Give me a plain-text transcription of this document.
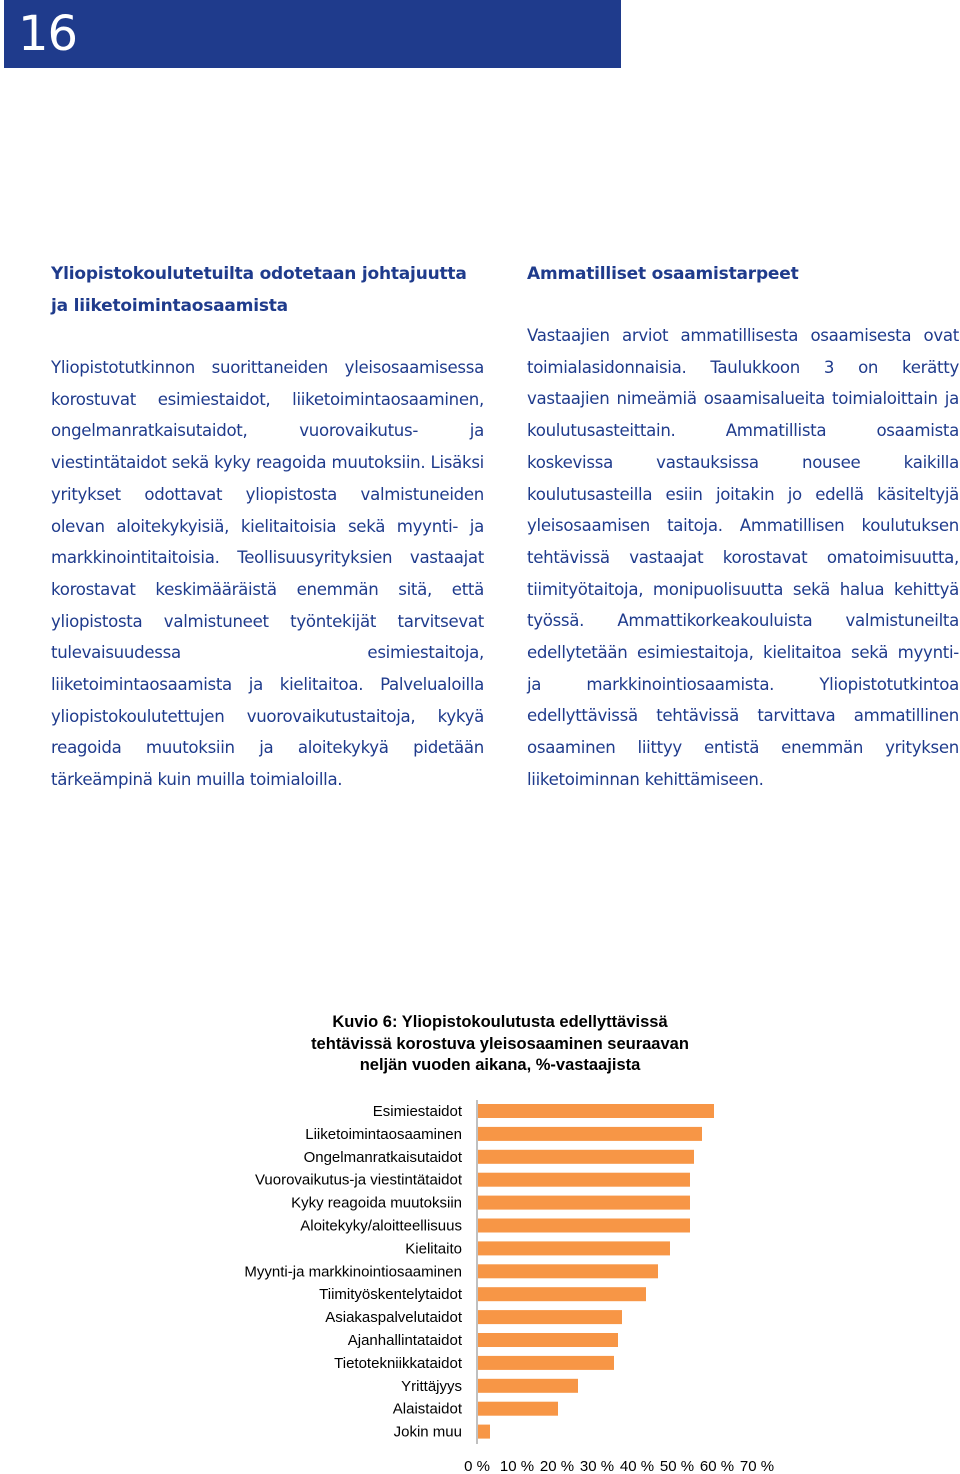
16

Yliopistokoulutetuilta odotetaan johtajuutta ja liiketoimintaosaamista

Yliopistotutkinnon suorittaneiden yleisosaamisessa korostuvat esimiestaidot, liiketoimintaosaaminen, ongelmanratkaisutaidot, vuorovaikutus- ja viestintätaidot sekä kyky reagoida muutoksiin. Lisäksi yritykset odottavat yliopistosta valmistuneiden olevan aloitekykyisiä, kielitaitoisia sekä myynti- ja markkinointitaitoisia. Teollisuusyrityksien vastaajat korostavat keskimääräistä enemmän sitä, että yliopistosta valmistuneet työntekijät tarvitsevat tulevaisuudessa esimiestaitoja, liiketoimintaosaamista ja kielitaitoa. Palvelualoilla yliopistokoulutettujen vuorovaikutustaitoja, kykyä reagoida muutoksiin ja aloitekykyä pidetään tärkeämpinä kuin muilla toimialoilla.

Ammatilliset osaamistarpeet

Vastaajien arviot ammatillisesta osaamisesta ovat toimialasidonnaisia. Taulukkoon 3 on kerätty vastaajien nimeämiä osaamisalueita toimialoittain ja koulutusasteittain. Ammatillista osaamista koskevissa vastauksissa nousee kaikilla koulutusasteilla esiin joitakin jo edellä käsiteltyjä yleisosaamisen taitoja. Ammatillisen koulutuksen tehtävissä vastaajat korostavat omatoimisuutta, tiimityötaitoja, monipuolisuutta sekä halua kehittyä työssä. Ammattikorkeakouluista valmistuneilta edellytetään esimiestaitoja, kielitaitoa sekä myynti- ja markkinointiosaamista. Yliopistotutkintoa edellyttävissä tehtävissä tarvittava ammatillinen osaaminen liittyy entistä enemmän yrityksen liiketoiminnan kehittämiseen.

Kuvio 6: Yliopistokoulutusta edellyttävissä
tehtävissä korostuva yleisosaaminen seuraavan
neljän vuoden aikana, %-vastaajista
Esimiestaidot
Liiketoimintaosaaminen
Ongelmanratkaisutaidot
Vuorovaikutus-ja viestintätaidot
Kyky reagoida muutoksiin
Aloitekyky/aloitteellisuus
Kielitaito
Myynti-ja markkinointiosaaminen
Tiimityöskentelytaidot
Asiakaspalvelutaidot
Ajanhallintataidot
Tietotekniikkataidot
Yrittäjyys
Alaistaidot
Jokin muu
0 % 10 % 20 % 30 % 40 % 50 % 60 % 70 %
